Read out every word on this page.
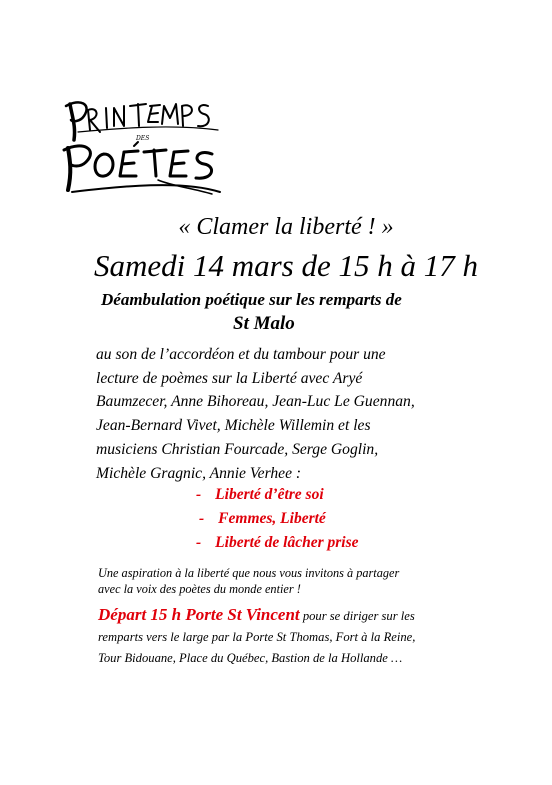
DES
« Clamer la liberté ! »
Samedi 14 mars de 15 h à 17 h
Déambulation poétique sur les remparts de
St Malo
au son de l’accordéon et du tambour pour une
lecture de poèmes sur la Liberté avec Aryé
Baumzecer, Anne Bihoreau, Jean-Luc Le Guennan,
Jean-Bernard Vivet, Michèle Willemin et les
musiciens Christian Fourcade, Serge Goglin,
Michèle Gragnic, Annie Verhee :
- Liberté d’être soi
- Femmes, Liberté
- Liberté de lâcher prise
Une aspiration à la liberté que nous vous invitons à partager
avec la voix des poètes du monde entier !
Départ 15 h Porte St Vincent pour se diriger sur les
remparts vers le large par la Porte St Thomas, Fort à la Reine,
Tour Bidouane, Place du Québec, Bastion de la Hollande …
